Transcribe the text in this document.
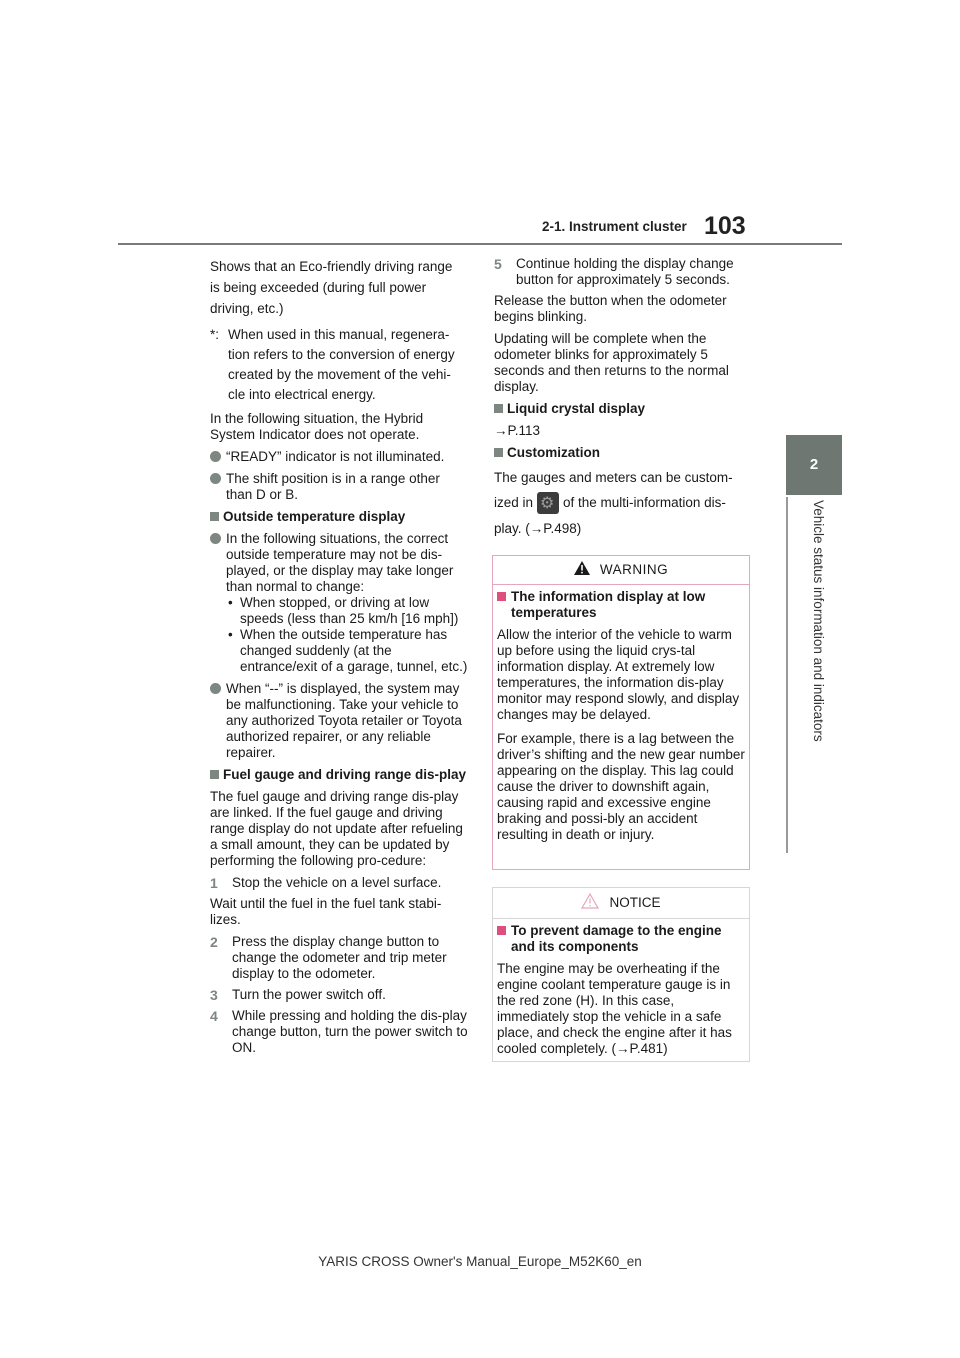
2-1. Instrument cluster 103
2
Vehicle status information and indicators

Shows that an Eco-friendly driving range
is being exceeded (during full power
driving, etc.)

*: When used in this manual, regenera-
tion refers to the conversion of energy
created by the movement of the vehi-
cle into electrical energy.

In the following situation, the Hybrid System Indicator does not operate.

“READY” indicator is not illuminated.
The shift position is in a range other than D or B.
Outside temperature display
In the following situations, the correct outside temperature may not be dis-played, or the display may take longer than normal to change:
• When stopped, or driving at low speeds (less than 25 km/h [16 mph])
• When the outside temperature has changed suddenly (at the entrance/exit of a garage, tunnel, etc.)
When “--” is displayed, the system may be malfunctioning. Take your vehicle to any authorized Toyota retailer or Toyota authorized repairer, or any reliable repairer.
Fuel gauge and driving range dis-play

The fuel gauge and driving range dis-play are linked. If the fuel gauge and driving range display do not update after refueling a small amount, they can be updated by performing the following pro-cedure:

1 Stop the vehicle on a level surface.

Wait until the fuel in the fuel tank stabi-lizes.

2 Press the display change button to change the odometer and trip meter display to the odometer.
3 Turn the power switch off.
4 While pressing and holding the dis-play change button, turn the power switch to ON.
5 Continue holding the display change button for approximately 5 seconds.

Release the button when the odometer begins blinking.

Updating will be complete when the odometer blinks for approximately 5 seconds and then returns to the normal display.

Liquid crystal display

→P.113

Customization

The gauges and meters can be custom-
ized in⚙ of the multi-information dis-
play. (→P.498)

WARNING
The information display at low temperatures

Allow the interior of the vehicle to warm up before using the liquid crys-tal information display. At extremely low temperatures, the information dis-play monitor may respond slowly, and display changes may be delayed.

For example, there is a lag between the driver’s shifting and the new gear number appearing on the display. This lag could cause the driver to downshift again, causing rapid and excessive engine braking and possi-bly an accident resulting in death or injury.

NOTICE
To prevent damage to the engine and its components

The engine may be overheating if the engine coolant temperature gauge is in the red zone (H). In this case, immediately stop the vehicle in a safe place, and check the engine after it has cooled completely. (→P.481)

YARIS CROSS Owner's Manual_Europe_M52K60_en
